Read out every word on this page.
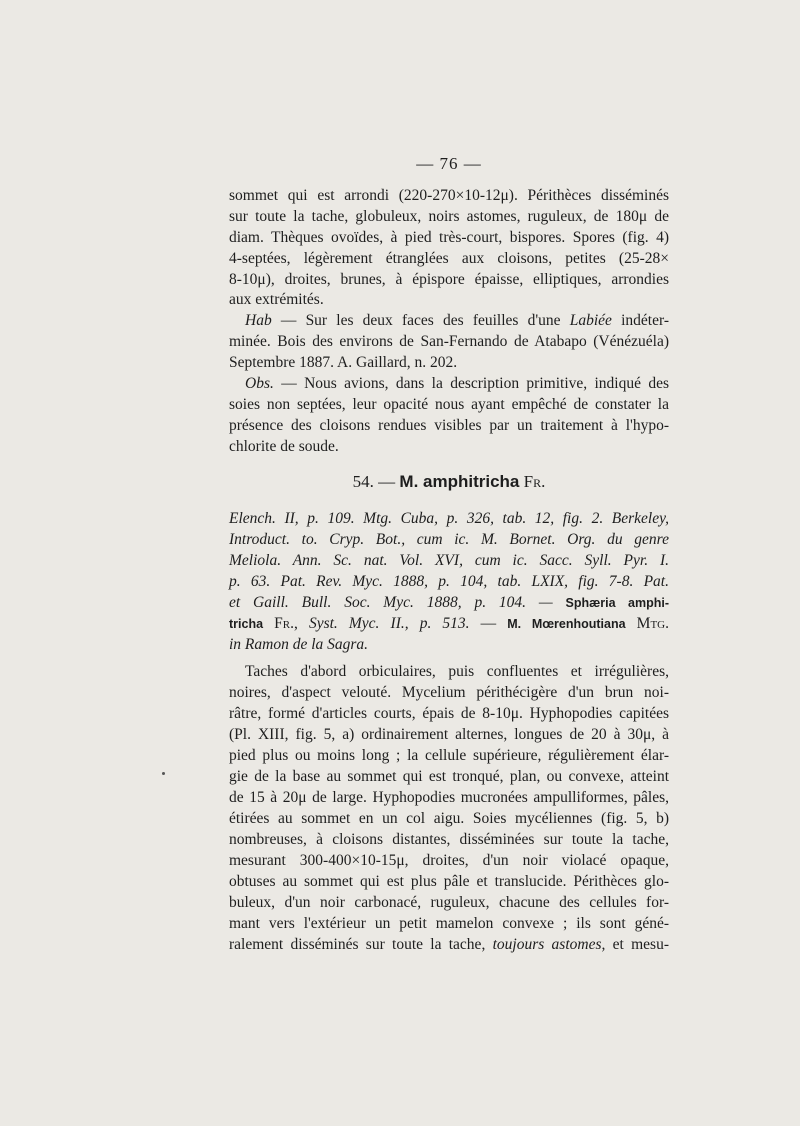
— 76 —
sommet qui est arrondi (220-270×10-12μ). Périthèces disséminés
sur toute la tache, globuleux, noirs astomes, ruguleux, de 180μ de
diam. Thèques ovoïdes, à pied très-court, bispores. Spores (fig. 4)
4-septées, légèrement étranglées aux cloisons, petites (25-28×
8-10μ), droites, brunes, à épispore épaisse, elliptiques, arrondies
aux extrémités.
Hab — Sur les deux faces des feuilles d'une Labiée indéter-
minée. Bois des environs de San-Fernando de Atabapo (Vénézuéla)
Septembre 1887. A. Gaillard, n. 202.
Obs. — Nous avions, dans la description primitive, indiqué des
soies non septées, leur opacité nous ayant empêché de constater la
présence des cloisons rendues visibles par un traitement à l'hypo-
chlorite de soude.
54. — M. amphitricha Fr.
Elench. II, p. 109. Mtg. Cuba, p. 326, tab. 12, fig. 2. Berkeley,
Introduct. to. Cryp. Bot., cum ic. M. Bornet. Org. du genre
Meliola. Ann. Sc. nat. Vol. XVI, cum ic. Sacc. Syll. Pyr. I.
p. 63. Pat. Rev. Myc. 1888, p. 104, tab. LXIX, fig. 7-8. Pat.
et Gaill. Bull. Soc. Myc. 1888, p. 104. — Sphæria amphi-
tricha Fr., Syst. Myc. II., p. 513. — M. Mœrenhoutiana Mtg.
in Ramon de la Sagra.
Taches d'abord orbiculaires, puis confluentes et irrégulières,
noires, d'aspect velouté. Mycelium périthécigère d'un brun noi-
râtre, formé d'articles courts, épais de 8-10μ. Hyphopodies capitées
(Pl. XIII, fig. 5, a) ordinairement alternes, longues de 20 à 30μ, à
pied plus ou moins long ; la cellule supérieure, régulièrement élar-
gie de la base au sommet qui est tronqué, plan, ou convexe, atteint
de 15 à 20μ de large. Hyphopodies mucronées ampulliformes, pâles,
étirées au sommet en un col aigu. Soies mycéliennes (fig. 5, b)
nombreuses, à cloisons distantes, disséminées sur toute la tache,
mesurant 300-400×10-15μ, droites, d'un noir violacé opaque,
obtuses au sommet qui est plus pâle et translucide. Périthèces glo-
buleux, d'un noir carbonacé, ruguleux, chacune des cellules for-
mant vers l'extérieur un petit mamelon convexe ; ils sont géné-
ralement disséminés sur toute la tache, toujours astomes, et mesu-
